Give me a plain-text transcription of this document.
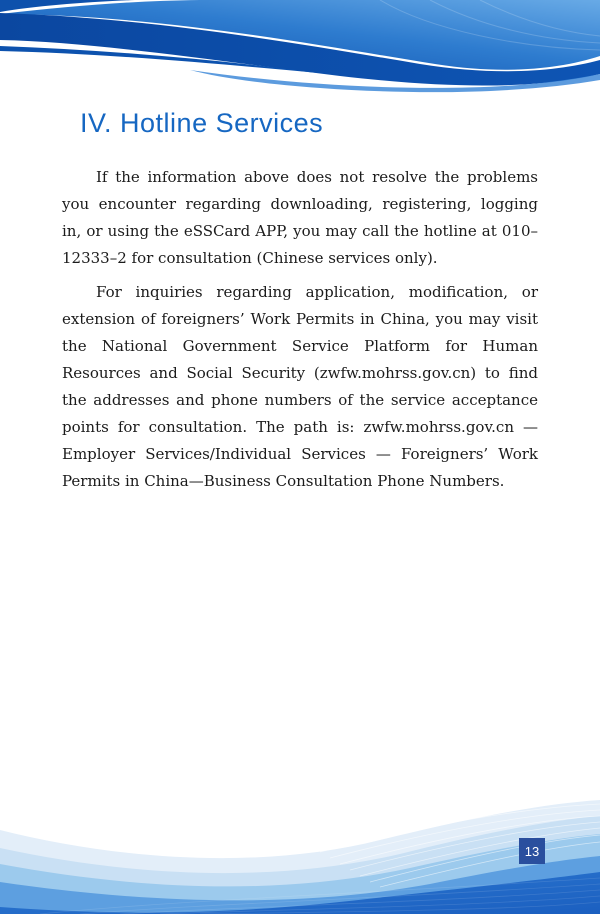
IV. Hotline Services

If the information above does not resolve the problems you encounter regarding downloading, registering, logging in, or using the eSSCard APP, you may call the hotline at 010–12333–2 for consultation (Chinese services only).

For inquiries regarding application, modification, or extension of foreigners’ Work Permits in China, you may visit the National Government Service Platform for Human Resources and Social Security (zwfw.mohrss.gov.cn) to find the addresses and phone numbers of the service acceptance points for consultation. The path is: zwfw.mohrss.gov.cn — Employer Services/Individual Services — Foreigners’ Work Permits in China—Business Consultation Phone Numbers.

13
